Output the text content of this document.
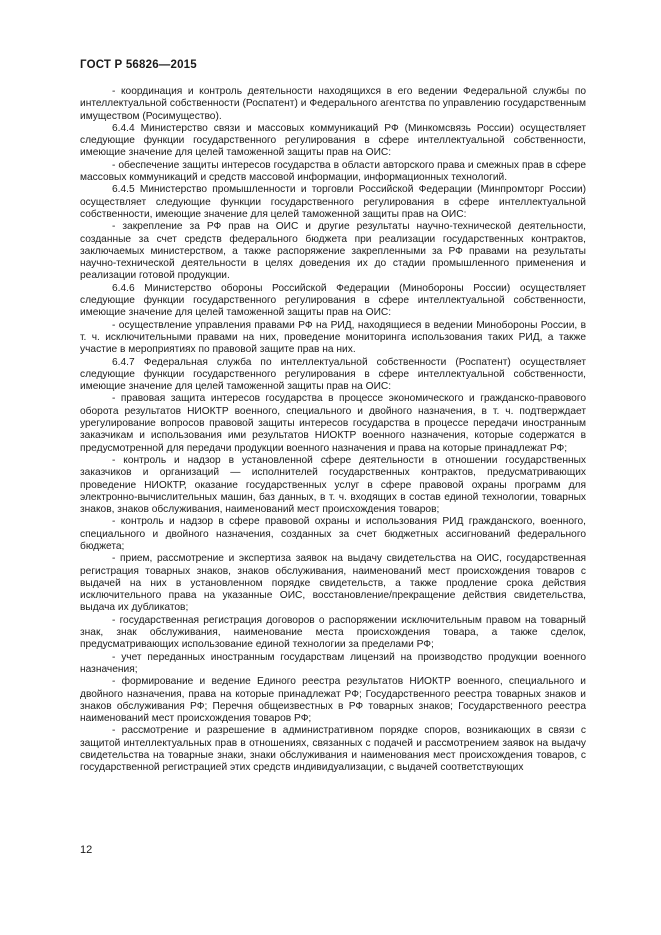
ГОСТ Р 56826—2015

- координация и контроль деятельности находящихся в его ведении Федеральной службы по интеллектуальной собственности (Роспатент) и Федерального агентства по управлению государственным имуществом (Росимущество).

6.4.4 Министерство связи и массовых коммуникаций РФ (Минкомсвязь России) осуществляет следующие функции государственного регулирования в сфере интеллектуальной собственности, имеющие значение для целей таможенной защиты прав на ОИС:

- обеспечение защиты интересов государства в области авторского права и смежных прав в сфере массовых коммуникаций и средств массовой информации, информационных технологий.

6.4.5 Министерство промышленности и торговли Российской Федерации (Минпромторг России) осуществляет следующие функции государственного регулирования в сфере интеллектуальной собственности, имеющие значение для целей таможенной защиты прав на ОИС:

- закрепление за РФ прав на ОИС и другие результаты научно-технической деятельности, созданные за счет средств федерального бюджета при реализации государственных контрактов, заключаемых министерством, а также распоряжение закрепленными за РФ правами на результаты научно-технической деятельности в целях доведения их до стадии промышленного применения и реализации готовой продукции.

6.4.6 Министерство обороны Российской Федерации (Минобороны России) осуществляет следующие функции государственного регулирования в сфере интеллектуальной собственности, имеющие значение для целей таможенной защиты прав на ОИС:

- осуществление управления правами РФ на РИД, находящиеся в ведении Минобороны России, в т. ч. исключительными правами на них, проведение мониторинга использования таких РИД, а также участие в мероприятиях по правовой защите прав на них.

6.4.7 Федеральная служба по интеллектуальной собственности (Роспатент) осуществляет следующие функции государственного регулирования в сфере интеллектуальной собственности, имеющие значение для целей таможенной защиты прав на ОИС:

- правовая защита интересов государства в процессе экономического и гражданско-правового оборота результатов НИОКТР военного, специального и двойного назначения, в т. ч. подтверждает урегулирование вопросов правовой защиты интересов государства в процессе передачи иностранным заказчикам и использования ими результатов НИОКТР военного назначения, которые содержатся в предусмотренной для передачи продукции военного назначения и права на которые принадлежат РФ;

- контроль и надзор в установленной сфере деятельности в отношении государственных заказчиков и организаций — исполнителей государственных контрактов, предусматривающих проведение НИОКТР, оказание государственных услуг в сфере правовой охраны программ для электронно-вычислительных машин, баз данных, в т. ч. входящих в состав единой технологии, товарных знаков, знаков обслуживания, наименований мест происхождения товаров;

- контроль и надзор в сфере правовой охраны и использования РИД гражданского, военного, специального и двойного назначения, созданных за счет бюджетных ассигнований федерального бюджета;

- прием, рассмотрение и экспертиза заявок на выдачу свидетельства на ОИС, государственная регистрация товарных знаков, знаков обслуживания, наименований мест происхождения товаров с выдачей на них в установленном порядке свидетельств, а также продление срока действия исключительного права на указанные ОИС, восстановление/прекращение действия свидетельства, выдача их дубликатов;

- государственная регистрация договоров о распоряжении исключительным правом на товарный знак, знак обслуживания, наименование места происхождения товара, а также сделок, предусматривающих использование единой технологии за пределами РФ;

- учет переданных иностранным государствам лицензий на производство продукции военного назначения;

- формирование и ведение Единого реестра результатов НИОКТР военного, специального и двойного назначения, права на которые принадлежат РФ; Государственного реестра товарных знаков и знаков обслуживания РФ; Перечня общеизвестных в РФ товарных знаков; Государственного реестра наименований мест происхождения товаров РФ;

- рассмотрение и разрешение в административном порядке споров, возникающих в связи с защитой интеллектуальных прав в отношениях, связанных с подачей и рассмотрением заявок на выдачу свидетельства на товарные знаки, знаки обслуживания и наименования мест происхождения товаров, с государственной регистрацией этих средств индивидуализации, с выдачей соответствующих

12
